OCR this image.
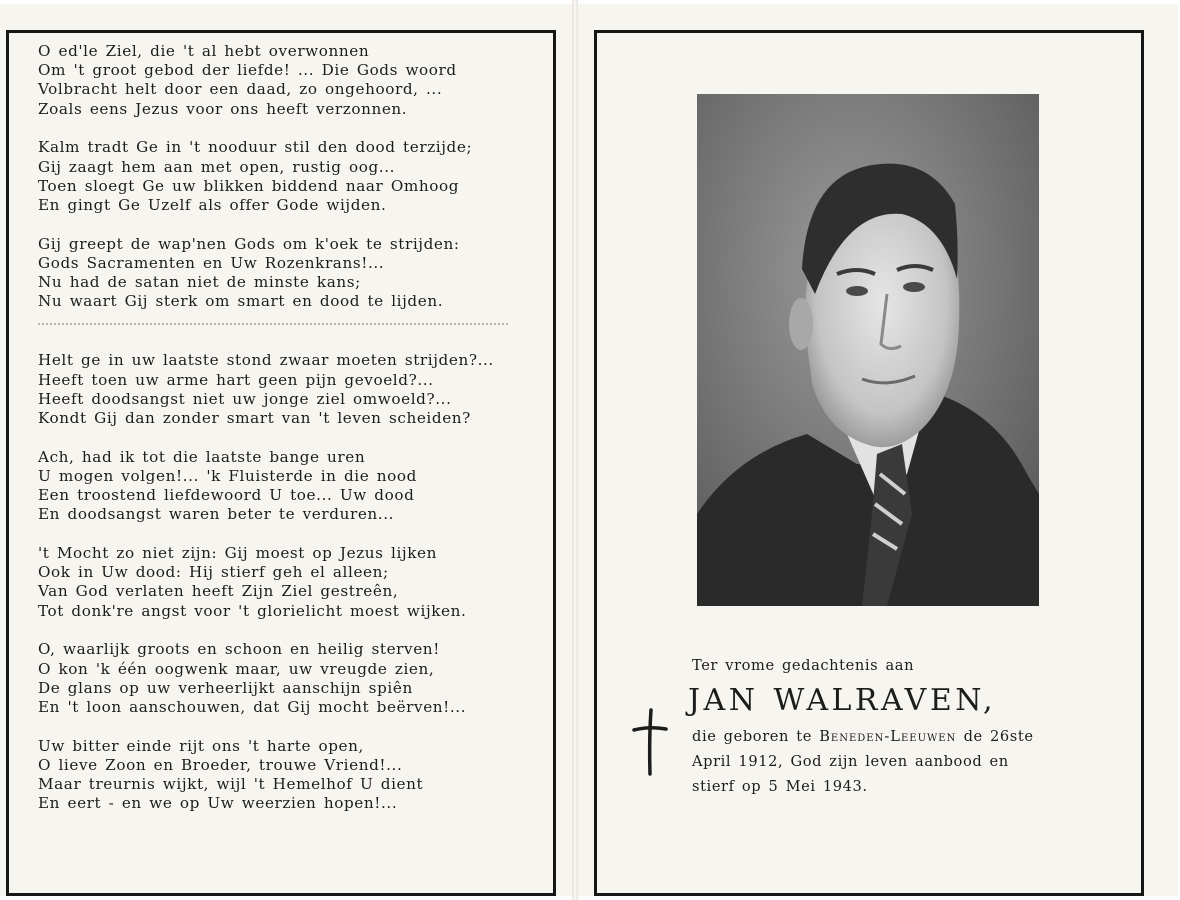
O ed'le Ziel, die 't al hebt overwonnen
Om 't groot gebod der liefde! ... Die Gods woord
Volbracht helt door een daad, zo ongehoord, ...
Zoals eens Jezus voor ons heeft verzonnen.
Kalm tradt Ge in 't nooduur stil den dood terzijde;
Gij zaagt hem aan met open, rustig oog...
Toen sloegt Ge uw blikken biddend naar Omhoog
En gingt Ge Uzelf als offer Gode wijden.
Gij greept de wap'nen Gods om k'oek te strijden:
Gods Sacramenten en Uw Rozenkrans!...
Nu had de satan niet de minste kans;
Nu waart Gij sterk om smart en dood te lijden.
Helt ge in uw laatste stond zwaar moeten strijden?...
Heeft toen uw arme hart geen pijn gevoeld?...
Heeft doodsangst niet uw jonge ziel omwoeld?...
Kondt Gij dan zonder smart van 't leven scheiden?
Ach, had ik tot die laatste bange uren
U mogen volgen!... 'k Fluisterde in die nood
Een troostend liefdewoord U toe... Uw dood
En doodsangst waren beter te verduren...
't Mocht zo niet zijn: Gij moest op Jezus lijken
Ook in Uw dood: Hij stierf geh el alleen;
Van God verlaten heeft Zijn Ziel gestreên,
Tot donk're angst voor 't glorielicht moest wijken.
O, waarlijk groots en schoon en heilig sterven!
O kon 'k één oogwenk maar, uw vreugde zien,
De glans op uw verheerlijkt aanschijn spiên
En 't loon aanschouwen, dat Gij mocht beërven!...
Uw bitter einde rijt ons 't harte open,
O lieve Zoon en Broeder, trouwe Vriend!...
Maar treurnis wijkt, wijl 't Hemelhof U dient
En eert - en we op Uw weerzien hopen!...
Ter vrome gedachtenis aan
JAN WALRAVEN,
die geboren te Beneden-Leeuwen de 26ste
April 1912, God zijn leven aanbood en
stierf op 5 Mei 1943.
